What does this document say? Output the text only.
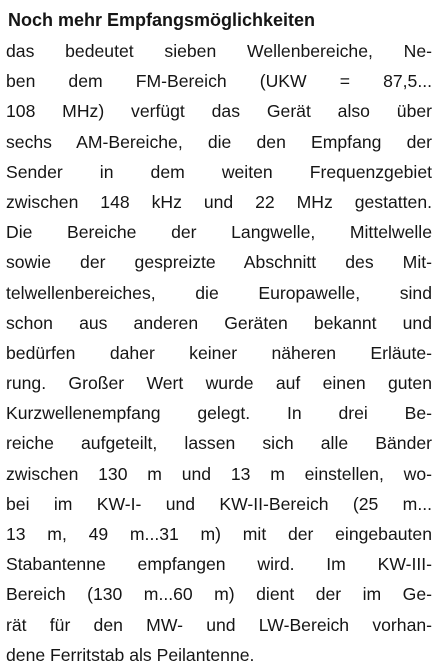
Noch mehr Empfangsmöglichkeiten
das bedeutet sieben Wellenbereiche, Ne-
ben dem FM-Bereich (UKW = 87,5...
108 MHz) verfügt das Gerät also über
sechs AM-Bereiche, die den Empfang der
Sender in dem weiten Frequenzgebiet
zwischen 148 kHz und 22 MHz gestatten.
Die Bereiche der Langwelle, Mittelwelle
sowie der gespreizte Abschnitt des Mit-
telwellenbereiches, die Europawelle, sind
schon aus anderen Geräten bekannt und
bedürfen daher keiner näheren Erläute-
rung. Großer Wert wurde auf einen guten
Kurzwellenempfang gelegt. In drei Be-
reiche aufgeteilt, lassen sich alle Bänder
zwischen 130 m und 13 m einstellen, wo-
bei im KW-I- und KW-II-Bereich (25 m...
13 m, 49 m...31 m) mit der eingebauten
Stabantenne empfangen wird. Im KW-III-
Bereich (130 m...60 m) dient der im Ge-
rät für den MW- und LW-Bereich vorhan-
dene Ferritstab als Peilantenne.
